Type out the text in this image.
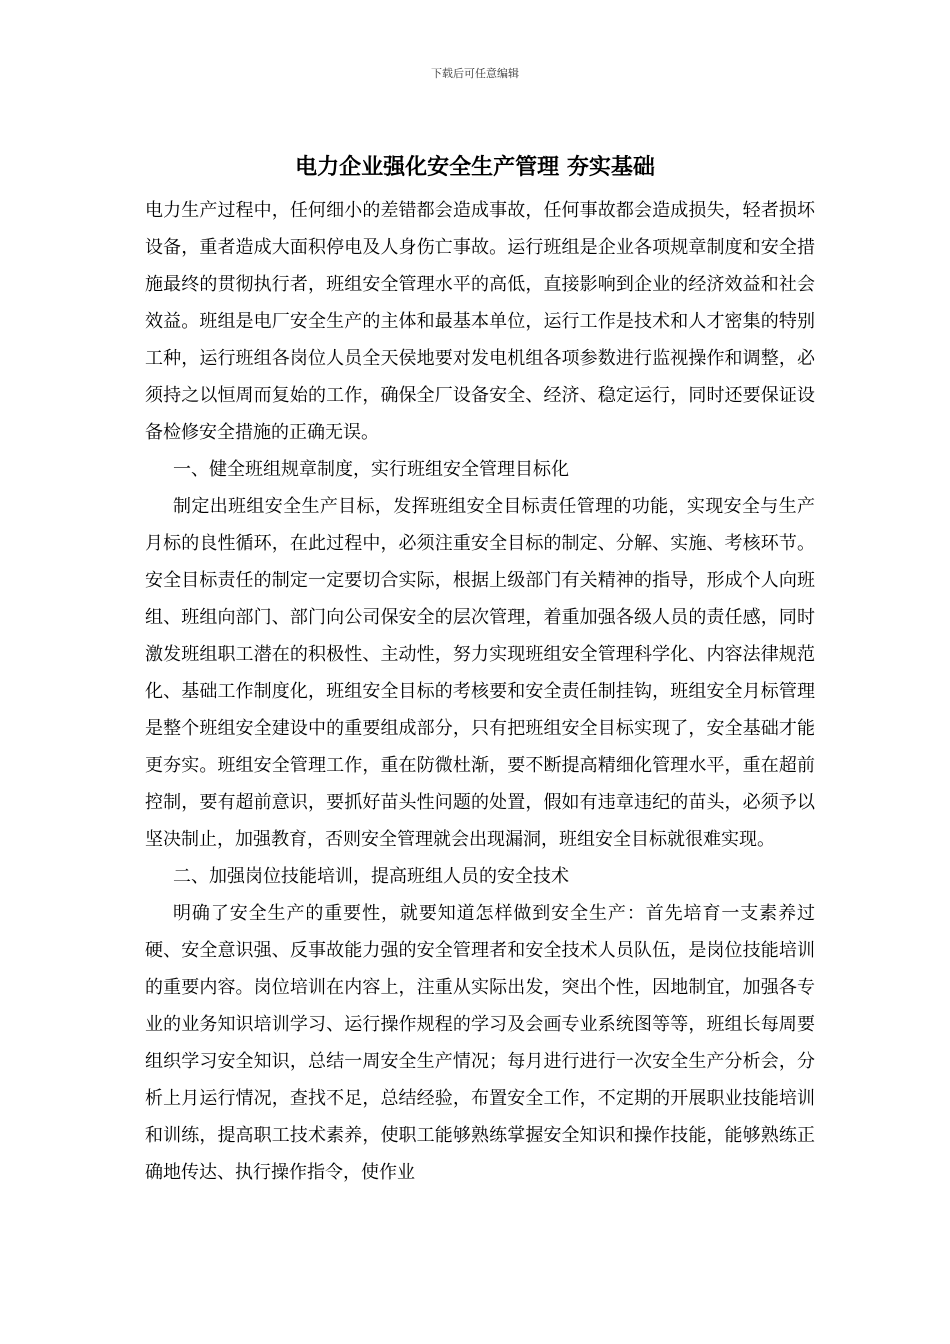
下载后可任意编辑
电力企业强化安全生产管理 夯实基础

电力生产过程中，任何细小的差错都会造成事故，任何事故都会造成损失，轻者损坏设备，重者造成大面积停电及人身伤亡事故。运行班组是企业各项规章制度和安全措施最终的贯彻执行者，班组安全管理水平的高低，直接影响到企业的经济效益和社会效益。班组是电厂安全生产的主体和最基本单位，运行工作是技术和人才密集的特别工种，运行班组各岗位人员全天侯地要对发电机组各项参数进行监视操作和调整，必须持之以恒周而复始的工作，确保全厂设备安全、经济、稳定运行，同时还要保证设备检修安全措施的正确无误。

一、健全班组规章制度，实行班组安全管理目标化

制定出班组安全生产目标，发挥班组安全目标责任管理的功能，实现安全与生产月标的良性循环，在此过程中，必须注重安全目标的制定、分解、实施、考核环节。安全目标责任的制定一定要切合实际，根据上级部门有关精神的指导，形成个人向班组、班组向部门、部门向公司保安全的层次管理，着重加强各级人员的责任感，同时激发班组职工潜在的积极性、主动性，努力实现班组安全管理科学化、内容法律规范化、基础工作制度化，班组安全目标的考核要和安全责任制挂钩，班组安全月标管理是整个班组安全建设中的重要组成部分，只有把班组安全目标实现了，安全基础才能更夯实。班组安全管理工作，重在防微杜渐，要不断提高精细化管理水平，重在超前控制，要有超前意识，要抓好苗头性问题的处置，假如有违章违纪的苗头，必须予以坚决制止，加强教育，否则安全管理就会出现漏洞，班组安全目标就很难实现。

二、加强岗位技能培训，提高班组人员的安全技术

明确了安全生产的重要性，就要知道怎样做到安全生产：首先培育一支素养过硬、安全意识强、反事故能力强的安全管理者和安全技术人员队伍，是岗位技能培训的重要内容。岗位培训在内容上，注重从实际出发，突出个性，因地制宜，加强各专业的业务知识培训学习、运行操作规程的学习及会画专业系统图等等，班组长每周要组织学习安全知识，总结一周安全生产情况；每月进行进行一次安全生产分析会，分析上月运行情况，查找不足，总结经验，布置安全工作，不定期的开展职业技能培训和训练，提高职工技术素养，使职工能够熟练掌握安全知识和操作技能，能够熟练正确地传达、执行操作指令，使作业
